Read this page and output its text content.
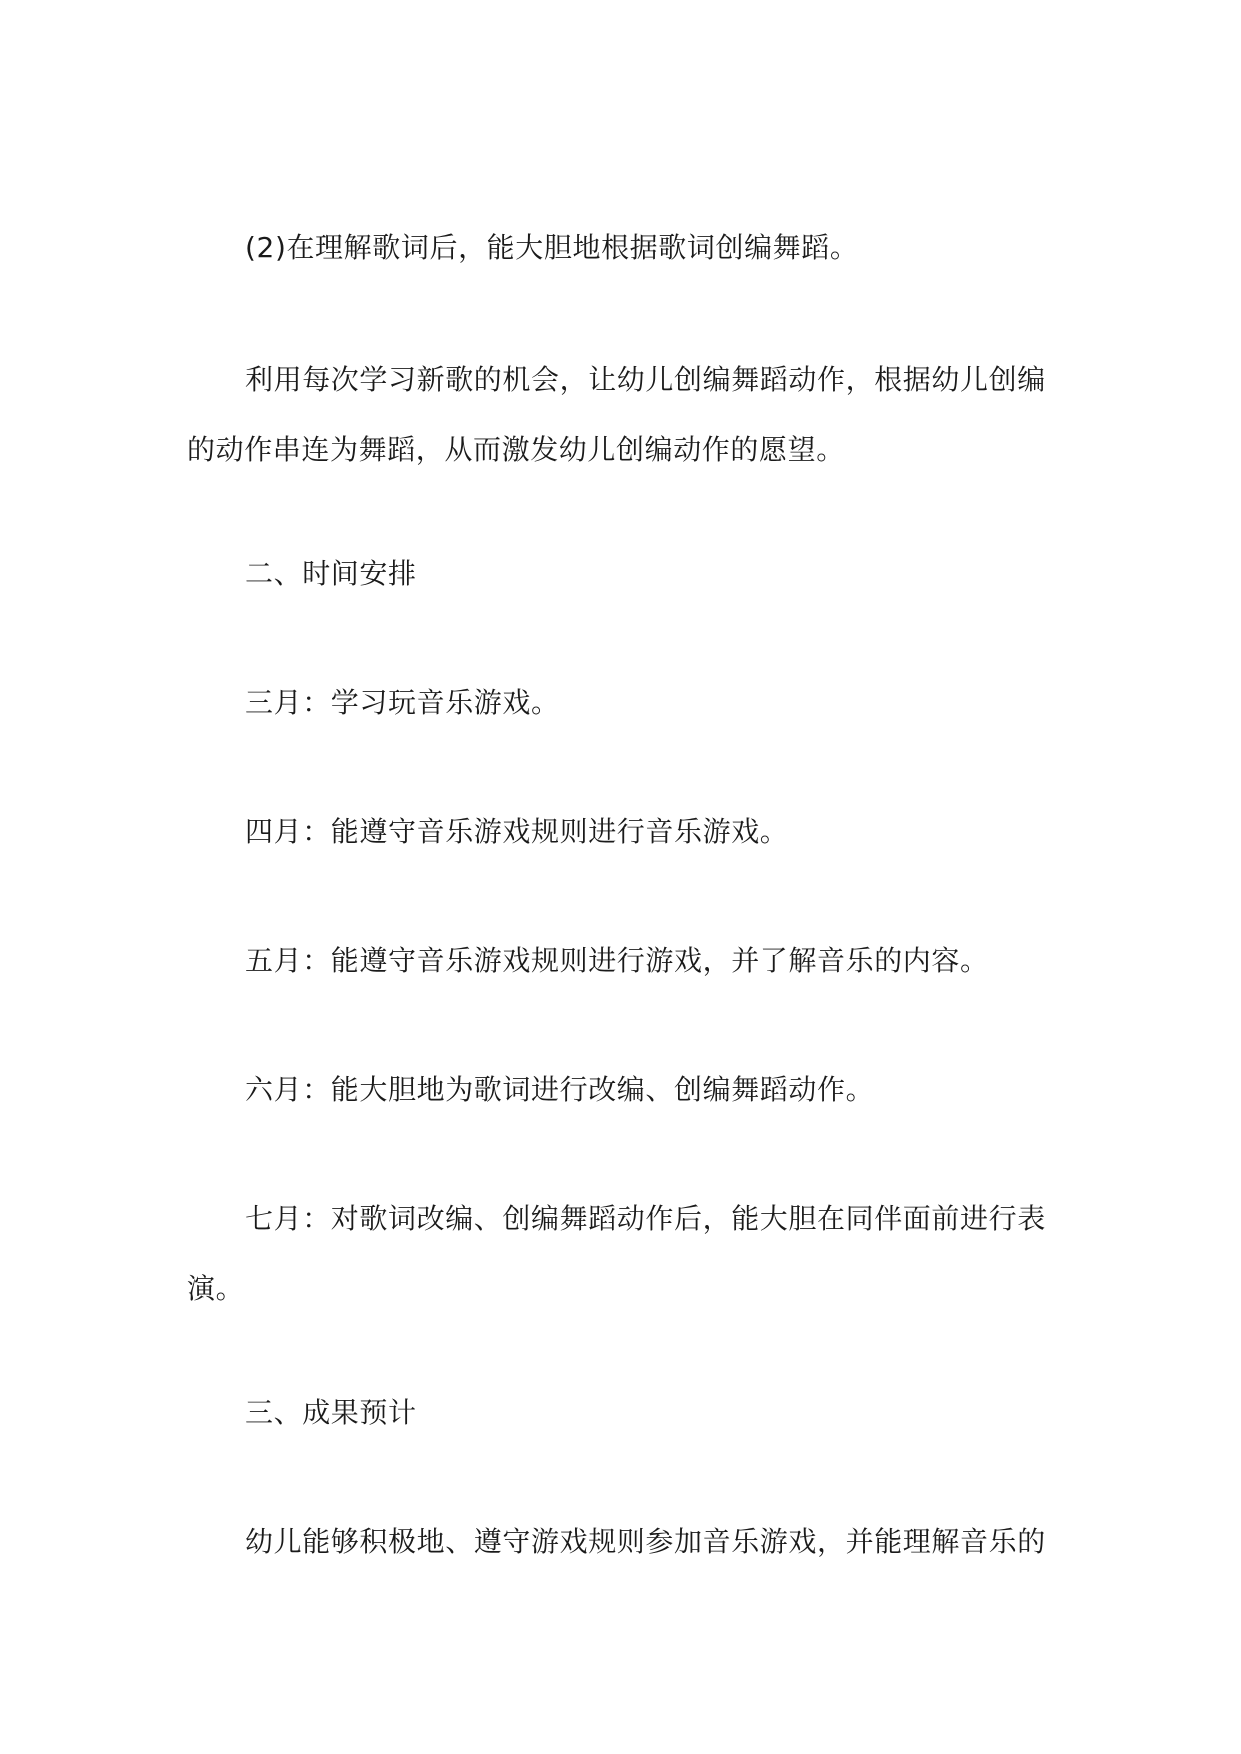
(2)在理解歌词后，能大胆地根据歌词创编舞蹈。

利用每次学习新歌的机会，让幼儿创编舞蹈动作，根据幼儿创编的动作串连为舞蹈，从而激发幼儿创编动作的愿望。

二、时间安排

三月：学习玩音乐游戏。

四月：能遵守音乐游戏规则进行音乐游戏。

五月：能遵守音乐游戏规则进行游戏，并了解音乐的内容。

六月：能大胆地为歌词进行改编、创编舞蹈动作。

七月：对歌词改编、创编舞蹈动作后，能大胆在同伴面前进行表演。

三、成果预计

幼儿能够积极地、遵守游戏规则参加音乐游戏，并能理解音乐的
